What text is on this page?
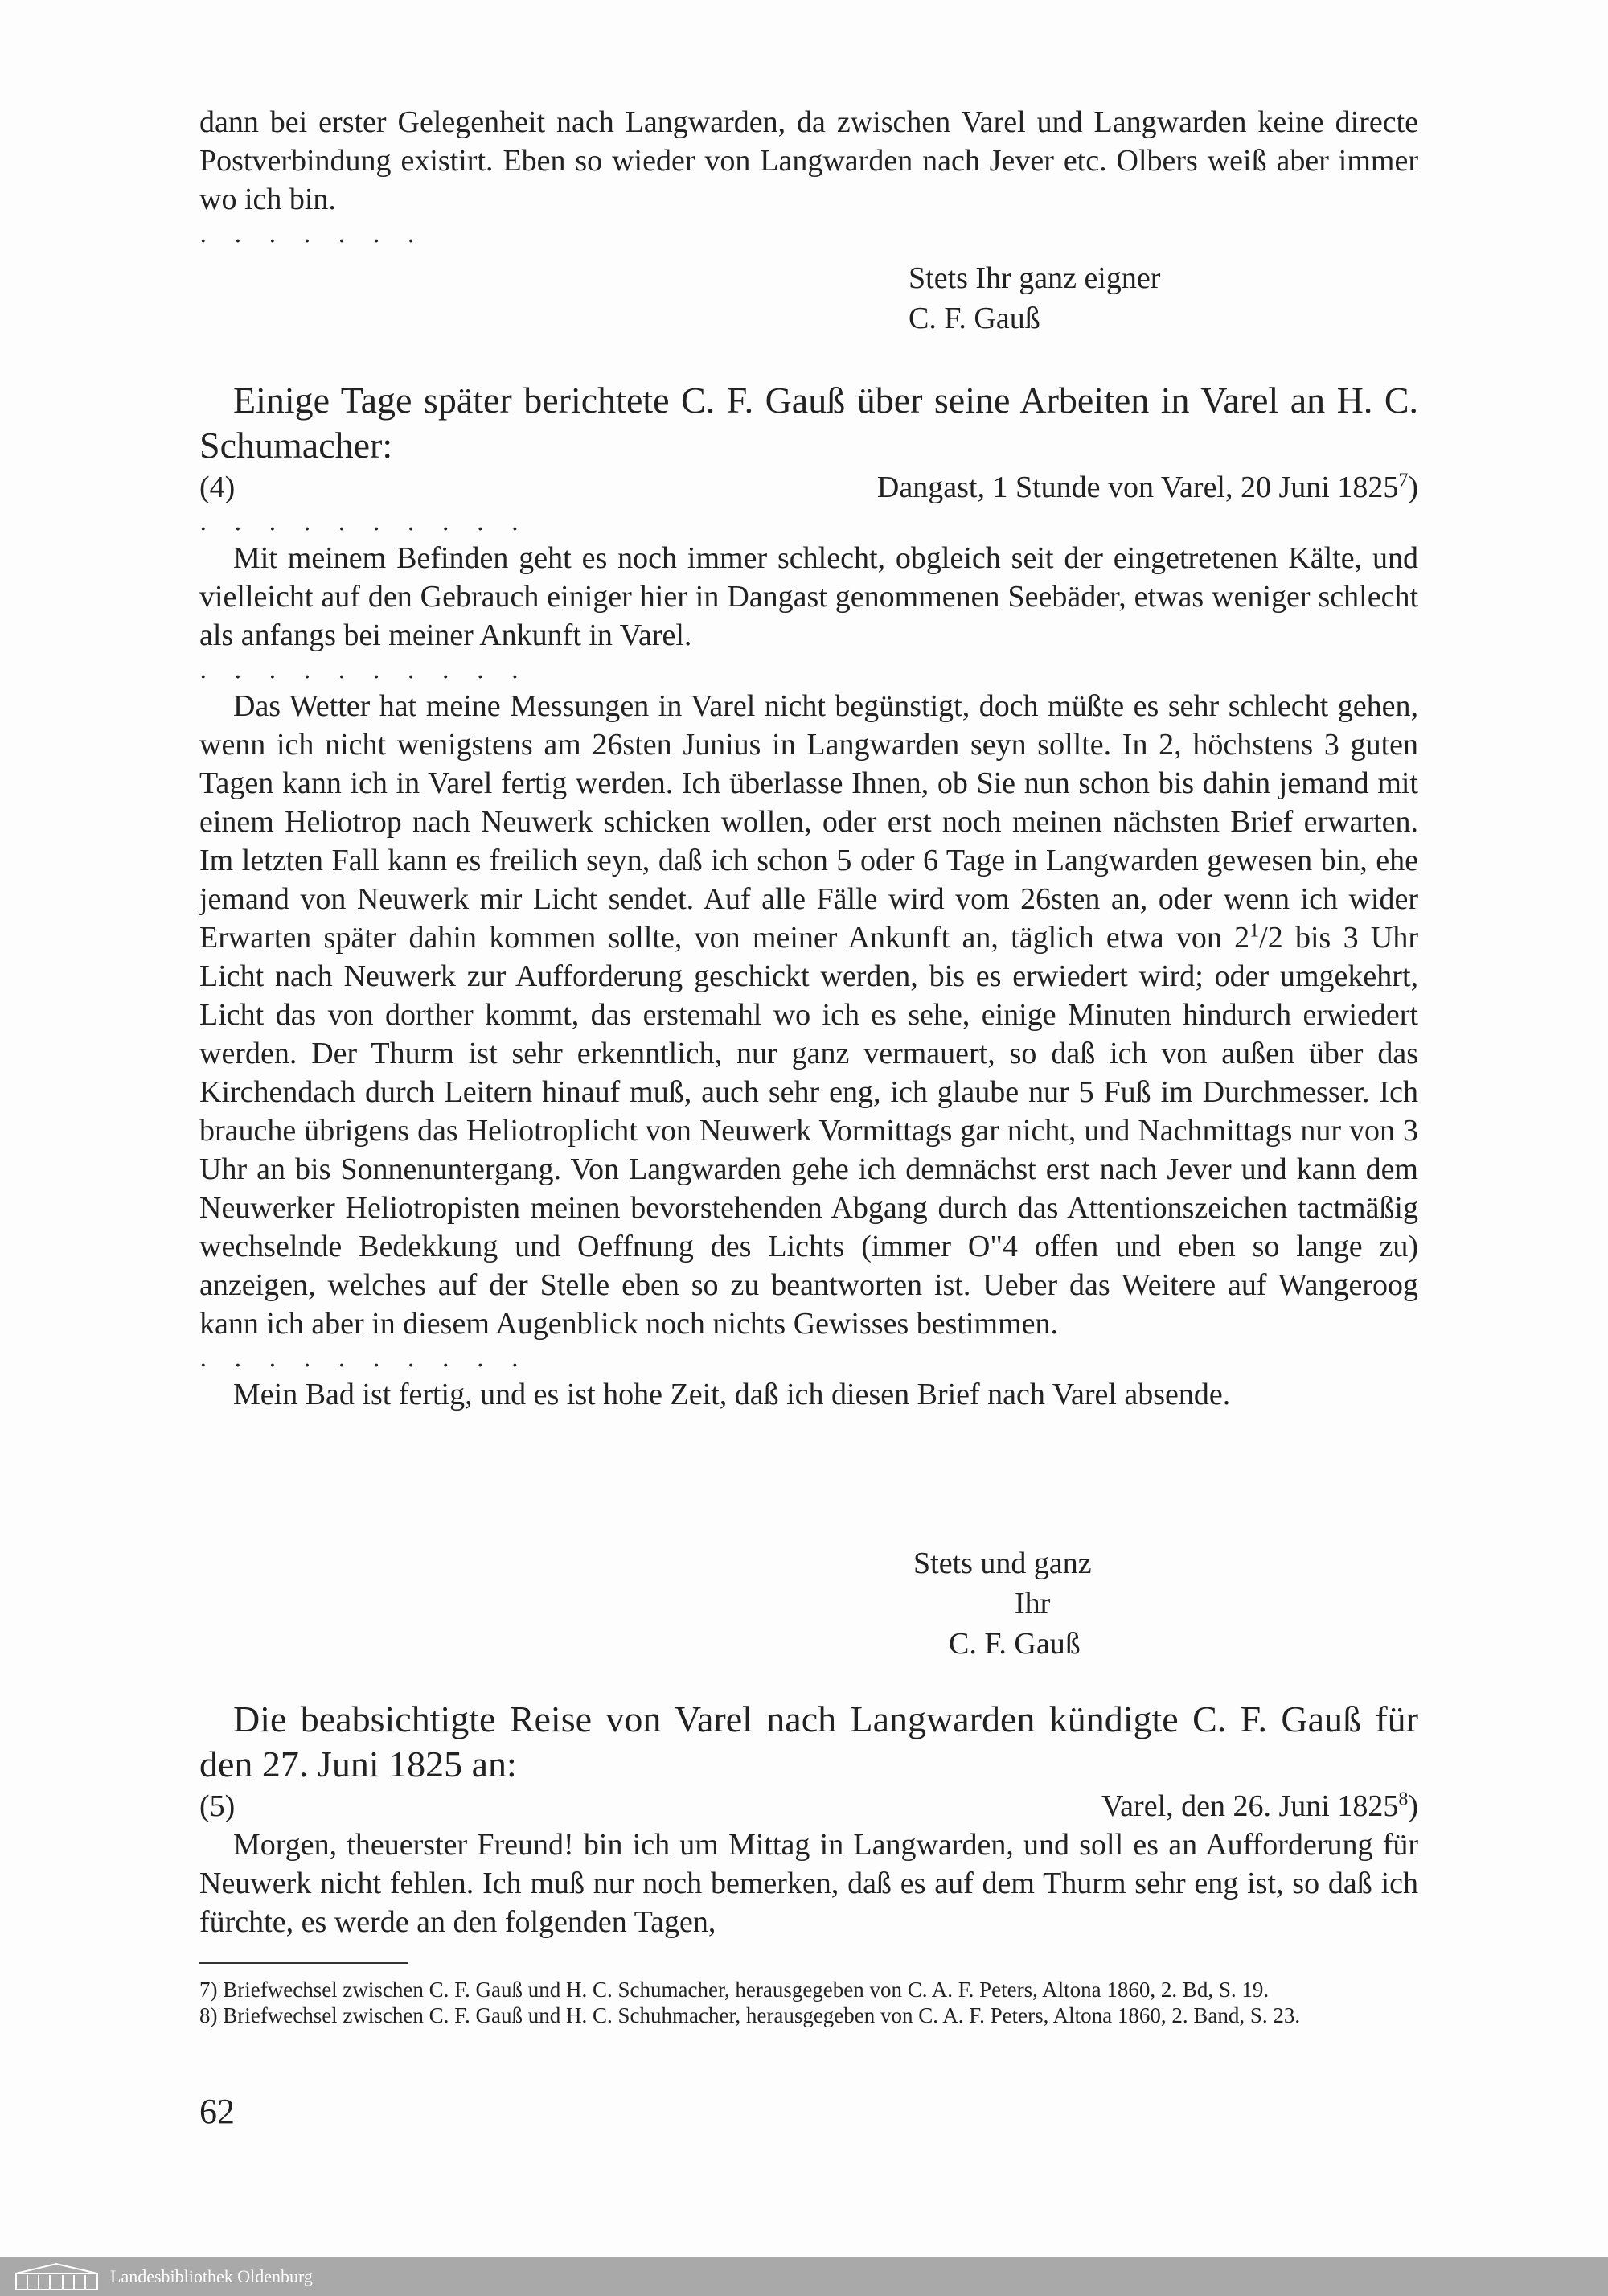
dann bei erster Gelegenheit nach Langwarden, da zwischen Varel und Langwarden keine directe Postverbindung existirt. Eben so wieder von Langwarden nach Jever etc. Olbers weiß aber immer wo ich bin.

. . . . . . .

Stets Ihr ganz eigner
C. F. Gauß

Einige Tage später berichtete C. F. Gauß über seine Arbeiten in Varel an H. C. Schumacher:

(4)	Dangast, 1 Stunde von Varel, 20 Juni 1825$^7$)

. . . . . . . . . .

Mit meinem Befinden geht es noch immer schlecht, obgleich seit der eingetretenen Kälte, und vielleicht auf den Gebrauch einiger hier in Dangast genommenen Seebäder, etwas weniger schlecht als anfangs bei meiner Ankunft in Varel.

. . . . . . . . . .

Das Wetter hat meine Messungen in Varel nicht begünstigt, doch müßte es sehr schlecht gehen, wenn ich nicht wenigstens am 26sten Junius in Langwarden seyn sollte. In 2, höchstens 3 guten Tagen kann ich in Varel fertig werden. Ich überlasse Ihnen, ob Sie nun schon bis dahin jemand mit einem Heliotrop nach Neuwerk schicken wollen, oder erst noch meinen nächsten Brief erwarten. Im letzten Fall kann es freilich seyn, daß ich schon 5 oder 6 Tage in Langwarden gewesen bin, ehe jemand von Neuwerk mir Licht sendet. Auf alle Fälle wird vom 26sten an, oder wenn ich wider Erwarten später dahin kommen sollte, von meiner Ankunft an, täglich etwa von $2^1/2$ bis 3 Uhr Licht nach Neuwerk zur Aufforderung geschickt werden, bis es erwiedert wird; oder umgekehrt, Licht das von dorther kommt, das erstemahl wo ich es sehe, einige Minuten hindurch erwiedert werden. Der Thurm ist sehr erkenntlich, nur ganz vermauert, so daß ich von außen über das Kirchendach durch Leitern hinauf muß, auch sehr eng, ich glaube nur 5 Fuß im Durchmesser. Ich brauche übrigens das Heliotroplicht von Neuwerk Vormittags gar nicht, und Nachmittags nur von 3 Uhr an bis Sonnenuntergang. Von Langwarden gehe ich demnächst erst nach Jever und kann dem Neuwerker Heliotropisten meinen bevorstehenden Abgang durch das Attentionszeichen tactmäßig wechselnde Bedekkung und Oeffnung des Lichts (immer O"4 offen und eben so lange zu) anzeigen, welches auf der Stelle eben so zu beantworten ist. Ueber das Weitere auf Wangeroog kann ich aber in diesem Augenblick noch nichts Gewisses bestimmen.

. . . . . . . . . .

Mein Bad ist fertig, und es ist hohe Zeit, daß ich diesen Brief nach Varel absende.

Stets und ganz
Ihr
C. F. Gauß

Die beabsichtigte Reise von Varel nach Langwarden kündigte C. F. Gauß für den 27. Juni 1825 an:

(5)	Varel, den 26. Juni 1825$^8$)

Morgen, theuerster Freund! bin ich um Mittag in Langwarden, und soll es an Aufforderung für Neuwerk nicht fehlen. Ich muß nur noch bemerken, daß es auf dem Thurm sehr eng ist, so daß ich fürchte, es werde an den folgenden Tagen,

7) Briefwechsel zwischen C. F. Gauß und H. C. Schumacher, herausgegeben von C. A. F. Peters, Altona 1860, 2. Bd, S. 19.

8) Briefwechsel zwischen C. F. Gauß und H. C. Schuhmacher, herausgegeben von C. A. F. Peters, Altona 1860, 2. Band, S. 23.

62
Landesbibliothek Oldenburg
